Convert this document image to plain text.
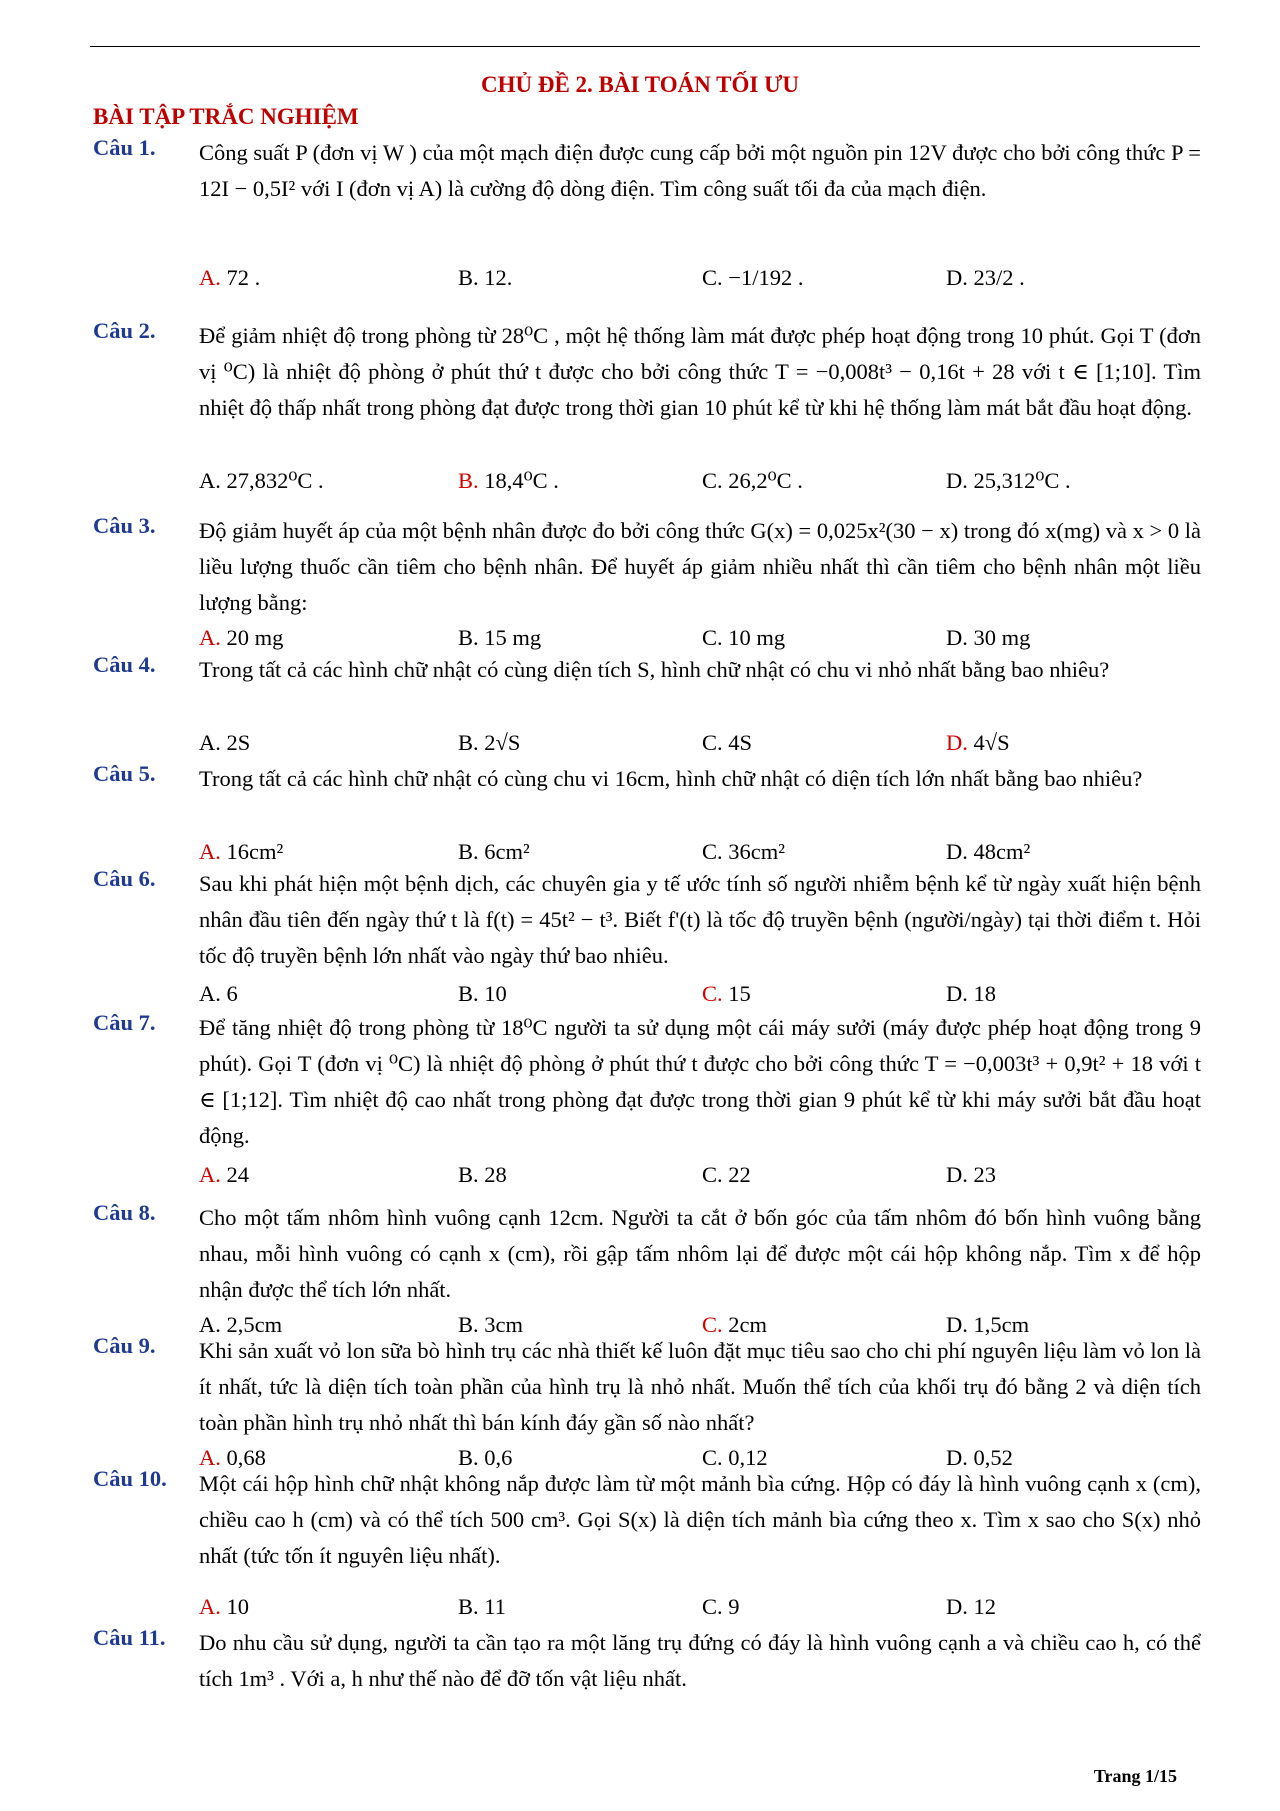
CHỦ ĐỀ 2. BÀI TOÁN TỐI ƯU
BÀI TẬP TRẮC NGHIỆM
Câu 1. Công suất P (đơn vị W ) của một mạch điện được cung cấp bởi một nguồn pin 12V được cho bởi công thức P = 12I − 0,5I² với I (đơn vị A) là cường độ dòng điện. Tìm công suất tối đa của mạch điện.
A. 72 .	B. 12.	C. −1/192 .	D. 23/2 .
Câu 2. Để giảm nhiệt độ trong phòng từ 28⁰C , một hệ thống làm mát được phép hoạt động trong 10 phút. Gọi T (đơn vị ⁰C) là nhiệt độ phòng ở phút thứ t được cho bởi công thức T = −0,008t³ − 0,16t + 28 với t ∈ [1;10]. Tìm nhiệt độ thấp nhất trong phòng đạt được trong thời gian 10 phút kể từ khi hệ thống làm mát bắt đầu hoạt động.
A. 27,832⁰C .	B. 18,4⁰C .	C. 26,2⁰C .	D. 25,312⁰C .
Câu 3. Độ giảm huyết áp của một bệnh nhân được đo bởi công thức G(x) = 0,025x²(30 − x) trong đó x(mg) và x > 0 là liều lượng thuốc cần tiêm cho bệnh nhân. Để huyết áp giảm nhiều nhất thì cần tiêm cho bệnh nhân một liều lượng bằng:
A. 20 mg	B. 15 mg	C. 10 mg	D. 30 mg
Câu 4. Trong tất cả các hình chữ nhật có cùng diện tích S, hình chữ nhật có chu vi nhỏ nhất bằng bao nhiêu?
A. 2S	B. 2√S	C. 4S	D. 4√S
Câu 5. Trong tất cả các hình chữ nhật có cùng chu vi 16cm, hình chữ nhật có diện tích lớn nhất bằng bao nhiêu?
A. 16cm²	B. 6cm²	C. 36cm²	D. 48cm²
Câu 6. Sau khi phát hiện một bệnh dịch, các chuyên gia y tế ước tính số người nhiễm bệnh kể từ ngày xuất hiện bệnh nhân đầu tiên đến ngày thứ t là f(t) = 45t² − t³. Biết f'(t) là tốc độ truyền bệnh (người/ngày) tại thời điểm t. Hỏi tốc độ truyền bệnh lớn nhất vào ngày thứ bao nhiêu.
A. 6	B. 10	C. 15	D. 18
Câu 7. Để tăng nhiệt độ trong phòng từ 18⁰C người ta sử dụng một cái máy sưởi (máy được phép hoạt động trong 9 phút). Gọi T (đơn vị ⁰C) là nhiệt độ phòng ở phút thứ t được cho bởi công thức T = −0,003t³ + 0,9t² + 18 với t ∈ [1;12]. Tìm nhiệt độ cao nhất trong phòng đạt được trong thời gian 9 phút kể từ khi máy sưởi bắt đầu hoạt động.
A. 24	B. 28	C. 22	D. 23
Câu 8. Cho một tấm nhôm hình vuông cạnh 12cm. Người ta cắt ở bốn góc của tấm nhôm đó bốn hình vuông bằng nhau, mỗi hình vuông có cạnh x (cm), rồi gập tấm nhôm lại để được một cái hộp không nắp. Tìm x để hộp nhận được thể tích lớn nhất.
A. 2,5cm	B. 3cm	C. 2cm	D. 1,5cm
Câu 9. Khi sản xuất vỏ lon sữa bò hình trụ các nhà thiết kế luôn đặt mục tiêu sao cho chi phí nguyên liệu làm vỏ lon là ít nhất, tức là diện tích toàn phần của hình trụ là nhỏ nhất. Muốn thể tích của khối trụ đó bằng 2 và diện tích toàn phần hình trụ nhỏ nhất thì bán kính đáy gần số nào nhất?
A. 0,68	B. 0,6	C. 0,12	D. 0,52
Câu 10. Một cái hộp hình chữ nhật không nắp được làm từ một mảnh bìa cứng. Hộp có đáy là hình vuông cạnh x (cm), chiều cao h (cm) và có thể tích 500 cm³. Gọi S(x) là diện tích mảnh bìa cứng theo x. Tìm x sao cho S(x) nhỏ nhất (tức tốn ít nguyên liệu nhất).
A. 10	B. 11	C. 9	D. 12
Câu 11. Do nhu cầu sử dụng, người ta cần tạo ra một lăng trụ đứng có đáy là hình vuông cạnh a và chiều cao h, có thể tích 1m³ . Với a, h như thế nào để đỡ tốn vật liệu nhất.
Trang 1/15
